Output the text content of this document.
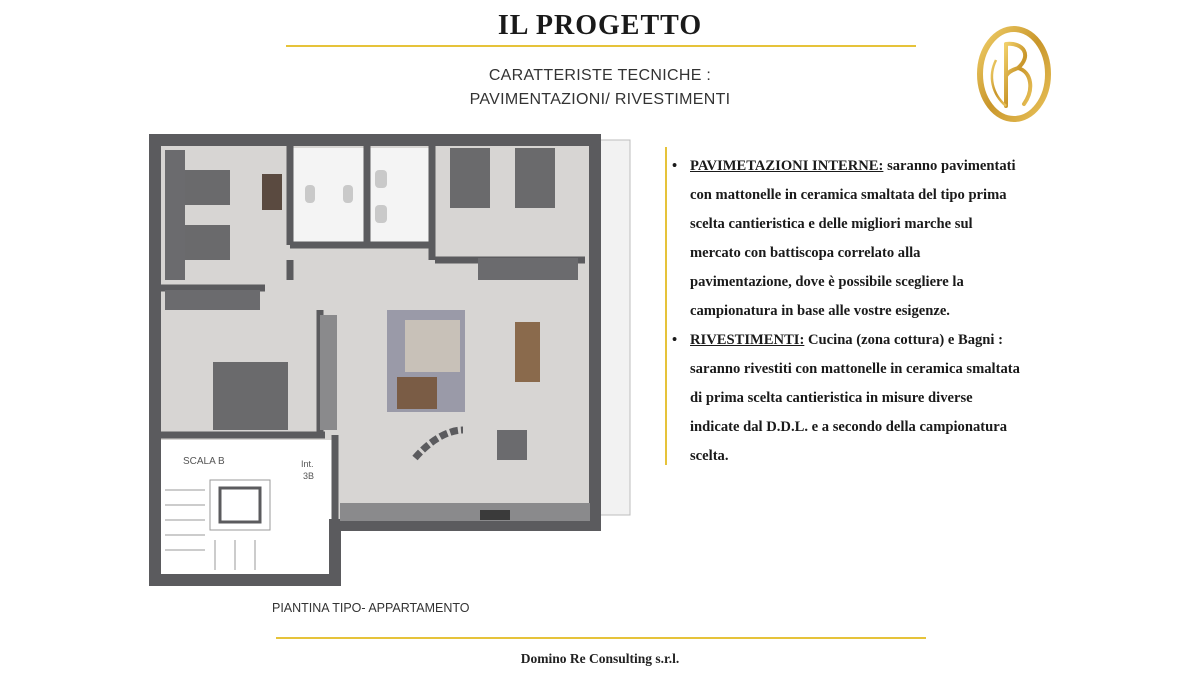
IL PROGETTO
CARATTERISTE TECNICHE :
PAVIMENTAZIONI/ RIVESTIMENTI
SCALA B	Int.
3B
PIANTINA TIPO- APPARTAMENTO
• PAVIMETAZIONI INTERNE: saranno pavimentati
con mattonelle in ceramica smaltata del tipo prima
scelta cantieristica e delle migliori marche sul
mercato con battiscopa correlato alla
pavimentazione, dove è possibile scegliere la
campionatura in base alle vostre esigenze.
• RIVESTIMENTI: Cucina (zona cottura) e Bagni :
saranno rivestiti con mattonelle in ceramica smaltata
di prima scelta cantieristica in misure diverse
indicate dal D.D.L. e a secondo della campionatura
scelta.
Domino Re Consulting s.r.l.
